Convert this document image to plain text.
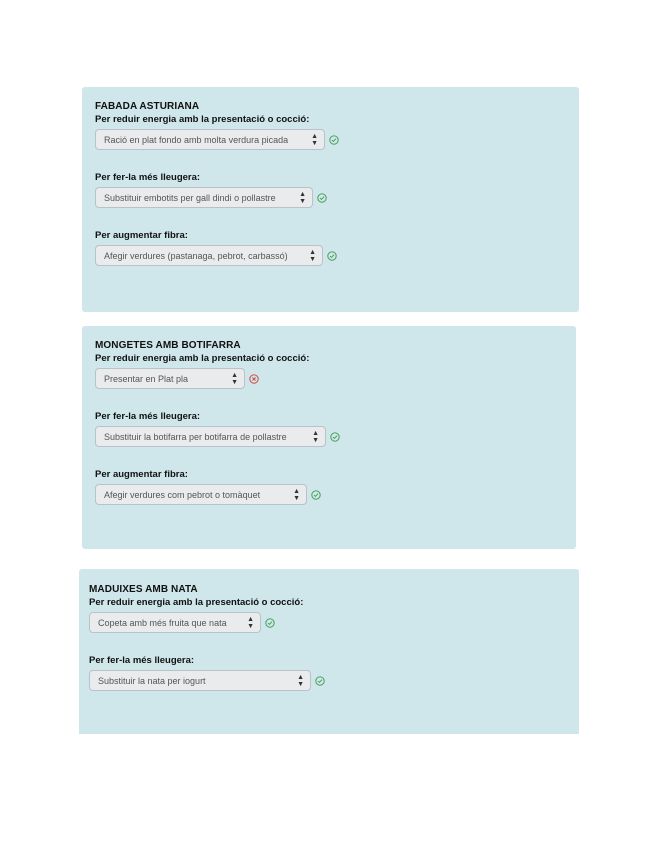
FABADA ASTURIANA
Per reduir energia amb la presentació o cocció:
Ració en plat fondo amb molta verdura picada	▲
▼
Per fer-la més lleugera:
Substituir embotits per gall dindi o pollastre	▲
▼
Per augmentar fibra:
Afegir verdures (pastanaga, pebrot, carbassó)	▲
▼
MONGETES AMB BOTIFARRA
Per reduir energia amb la presentació o cocció:
Presentar en Plat pla	▲
▼
Per fer-la més lleugera:
Substituir la botifarra per botifarra de pollastre	▲
▼
Per augmentar fibra:
Afegir verdures com pebrot o tomàquet	▲
▼
MADUIXES AMB NATA
Per reduir energia amb la presentació o cocció:
Copeta amb més fruita que nata	▲
▼
Per fer-la més lleugera:
Substituir la nata per iogurt	▲
▼
